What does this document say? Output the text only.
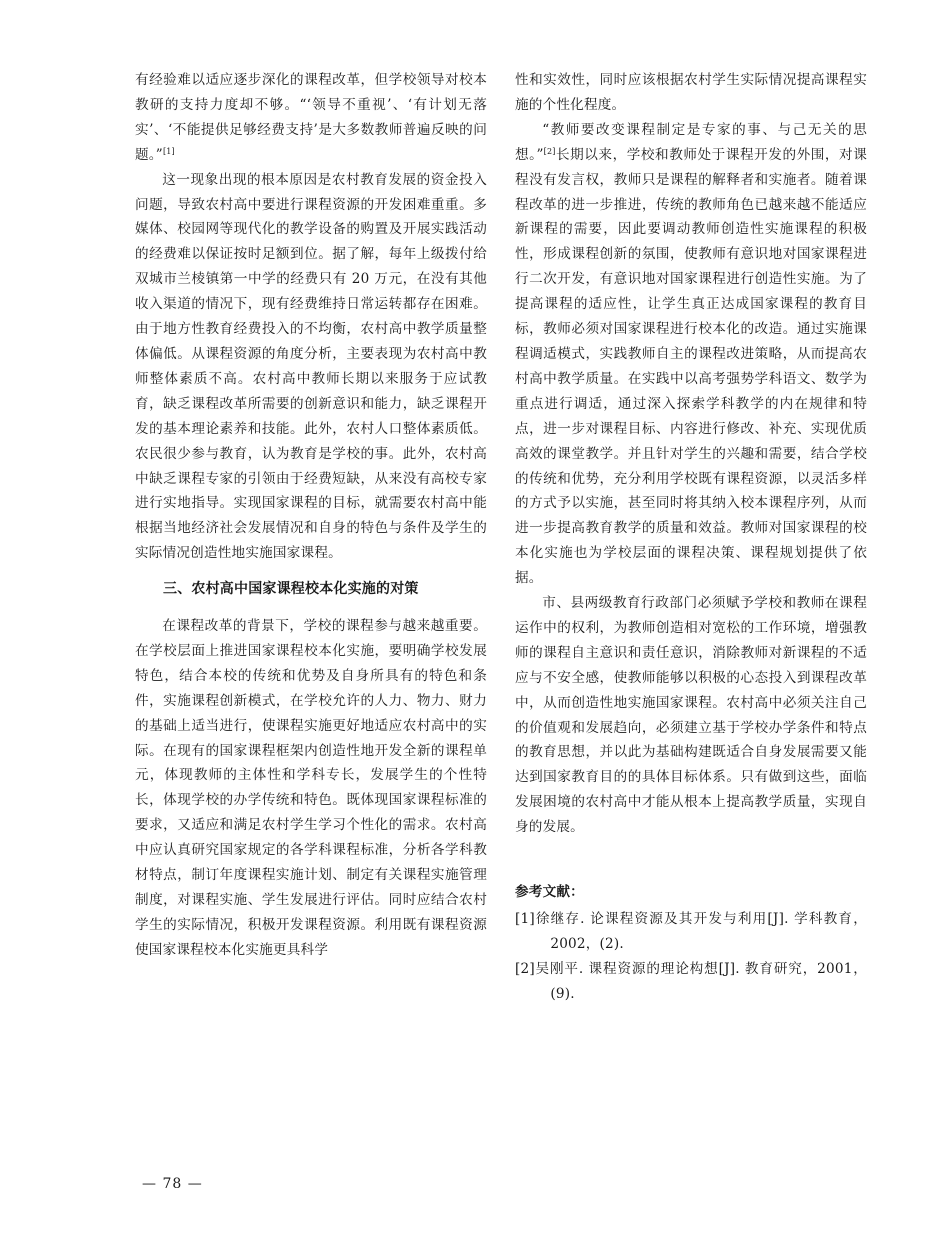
有经验难以适应逐步深化的课程改革，但学校领导对校本教研的支持力度却不够。“‘领导不重视’、‘有计划无落实’、‘不能提供足够经费支持’是大多数教师普遍反映的问题。”[1]

这一现象出现的根本原因是农村教育发展的资金投入问题，导致农村高中要进行课程资源的开发困难重重。多媒体、校园网等现代化的教学设备的购置及开展实践活动的经费难以保证按时足额到位。据了解，每年上级拨付给双城市兰棱镇第一中学的经费只有 20 万元，在没有其他收入渠道的情况下，现有经费维持日常运转都存在困难。由于地方性教育经费投入的不均衡，农村高中教学质量整体偏低。从课程资源的角度分析，主要表现为农村高中教师整体素质不高。农村高中教师长期以来服务于应试教育，缺乏课程改革所需要的创新意识和能力，缺乏课程开发的基本理论素养和技能。此外，农村人口整体素质低。农民很少参与教育，认为教育是学校的事。此外，农村高中缺乏课程专家的引领由于经费短缺，从来没有高校专家进行实地指导。实现国家课程的目标，就需要农村高中能根据当地经济社会发展情况和自身的特色与条件及学生的实际情况创造性地实施国家课程。

三、农村高中国家课程校本化实施的对策

在课程改革的背景下，学校的课程参与越来越重要。在学校层面上推进国家课程校本化实施，要明确学校发展特色，结合本校的传统和优势及自身所具有的特色和条件，实施课程创新模式，在学校允许的人力、物力、财力的基础上适当进行，使课程实施更好地适应农村高中的实际。在现有的国家课程框架内创造性地开发全新的课程单元，体现教师的主体性和学科专长，发展学生的个性特长，体现学校的办学传统和特色。既体现国家课程标准的要求，又适应和满足农村学生学习个性化的需求。农村高中应认真研究国家规定的各学科课程标准，分析各学科教材特点，制订年度课程实施计划、制定有关课程实施管理制度，对课程实施、学生发展进行评估。同时应结合农村学生的实际情况，积极开发课程资源。利用既有课程资源使国家课程校本化实施更具科学

性和实效性，同时应该根据农村学生实际情况提高课程实施的个性化程度。

“教师要改变课程制定是专家的事、与己无关的思想。”[2]长期以来，学校和教师处于课程开发的外围，对课程没有发言权，教师只是课程的解释者和实施者。随着课程改革的进一步推进，传统的教师角色已越来越不能适应新课程的需要，因此要调动教师创造性实施课程的积极性，形成课程创新的氛围，使教师有意识地对国家课程进行二次开发，有意识地对国家课程进行创造性实施。为了提高课程的适应性，让学生真正达成国家课程的教育目标，教师必须对国家课程进行校本化的改造。通过实施课程调适模式，实践教师自主的课程改进策略，从而提高农村高中教学质量。在实践中以高考强势学科语文、数学为重点进行调适，通过深入探索学科教学的内在规律和特点，进一步对课程目标、内容进行修改、补充、实现优质高效的课堂教学。并且针对学生的兴趣和需要，结合学校的传统和优势，充分利用学校既有课程资源，以灵活多样的方式予以实施，甚至同时将其纳入校本课程序列，从而进一步提高教育教学的质量和效益。教师对国家课程的校本化实施也为学校层面的课程决策、课程规划提供了依据。

市、县两级教育行政部门必须赋予学校和教师在课程运作中的权利，为教师创造相对宽松的工作环境，增强教师的课程自主意识和责任意识，消除教师对新课程的不适应与不安全感，使教师能够以积极的心态投入到课程改革中，从而创造性地实施国家课程。农村高中必须关注自己的价值观和发展趋向，必须建立基于学校办学条件和特点的教育思想，并以此为基础构建既适合自身发展需要又能达到国家教育目的的具体目标体系。只有做到这些，面临发展困境的农村高中才能从根本上提高教学质量，实现自身的发展。

参考文献：

[1]徐继存. 论课程资源及其开发与利用[J]. 学科教育，2002，(2).

[2]吴刚平. 课程资源的理论构想[J]. 教育研究，2001，(9).

— 78 —
